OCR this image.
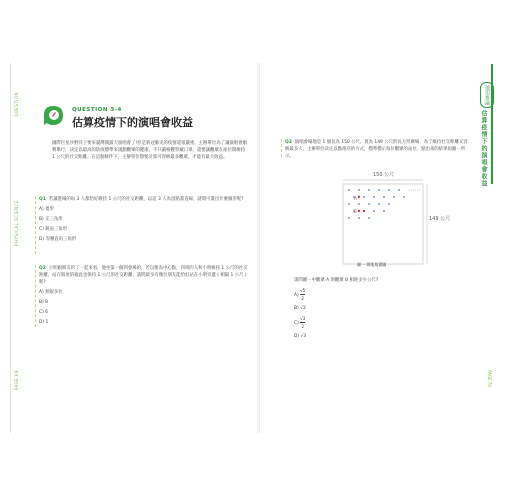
QUESTION
PHYSICAL SCIENCE
PAGE 69
運用推論
估算疫情下的演唱會收益
PAGE 70
QUESTION 3-4
估算疫情下的演唱會收益
國際巨星沙野洋子要來臺灣開露天演唱會了!但是新冠肺炎的疫情還很嚴重，主辦單位為了讓演唱會順利舉行，決定以最高的防疫標準來規劃觀眾的健康，不只嚴格觀察戴口罩，還要讓觀眾在座位間維持 1 公尺的社交距離。在這個條件下，主辦單位想要計算可容納最多觀眾，才能有最大收益。
Q1 若讓進場的每 3 人都恰好維持 1 公尺的社交距離，以這 3 人為頂點畫直線，請問可畫出什麼圖形呢?
A) 菱形
B) 正三角形
C) 鈍角三角形
D) 等腰直角三角形
Q2 小明跟朋友約了一起來看，他坐第一個到會場的，若以他為中心點，四周的人和小明維持 1 公尺的社交距離，站在限度的彼此也保持 1 公尺的社交距離，請問最多有幾位朋友能恰好站在小明旁邊 ( 相隔 1 公尺 ) 呢?
A) 無限多位
B) 8
C) 6
D) 1
Q3 演唱會場地是 1 個長為 150 公尺、寬為 149 公尺的長方形廣場，為了維持社交距離又容納最多人，主辦單位決定以點排序的方式，標準標示每位觀眾的站位，點出來的結果如圖一所示。
150 公尺
149 公尺
A
B
圖一 場地規畫圖
請問圖一中觀眾 A 與觀眾 B 相距多少公尺?
$A) \frac{√5}{2}$
B) √2
$C) \frac{√3}{2}$
D) √3
